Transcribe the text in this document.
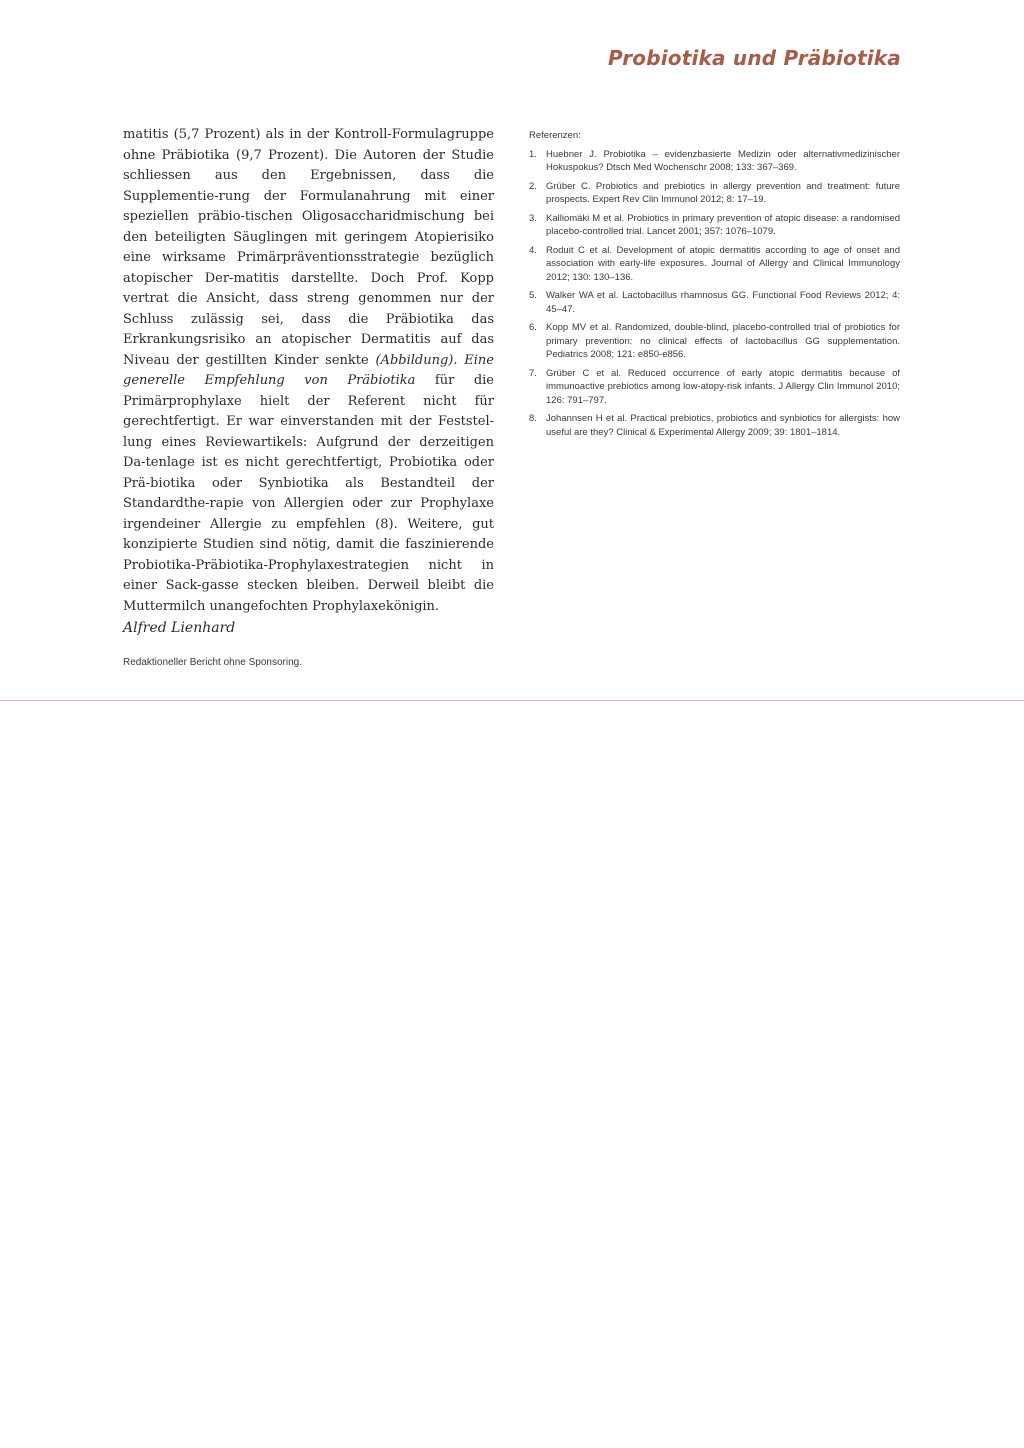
Probiotika und Präbiotika

matitis (5,7 Prozent) als in der Kontroll-Formulagruppe ohne Präbiotika (9,7 Prozent). Die Autoren der Studie schliessen aus den Ergebnissen, dass die Supplementie-rung der Formulanahrung mit einer speziellen präbio-tischen Oligosaccharidmischung bei den beteiligten Säuglingen mit geringem Atopierisiko eine wirksame Primärpräventionsstrategie bezüglich atopischer Der-matitis darstellte. Doch Prof. Kopp vertrat die Ansicht, dass streng genommen nur der Schluss zulässig sei, dass die Präbiotika das Erkrankungsrisiko an atopischer Dermatitis auf das Niveau der gestillten Kinder senkte (Abbildung). Eine generelle Empfehlung von Präbiotika für die Primärprophylaxe hielt der Referent nicht für gerechtfertigt. Er war einverstanden mit der Feststel-lung eines Reviewartikels: Aufgrund der derzeitigen Da-tenlage ist es nicht gerechtfertigt, Probiotika oder Prä-biotika oder Synbiotika als Bestandteil der Standardthe-rapie von Allergien oder zur Prophylaxe irgendeiner Allergie zu empfehlen (8). Weitere, gut konzipierte Studien sind nötig, damit die faszinierende Probiotika-Präbiotika-Prophylaxestrategien nicht in einer Sack-gasse stecken bleiben. Derweil bleibt die Muttermilch unangefochten Prophylaxekönigin.

Alfred Lienhard
Redaktioneller Bericht ohne Sponsoring.

Referenzen:

1. Huebner J. Probiotika – evidenzbasierte Medizin oder alternativmedizinischer Hokuspokus? Dtsch Med Wochenschr 2008; 133: 367–369.
2. Grüber C. Probiotics and prebiotics in allergy prevention and treatment: future prospects. Expert Rev Clin Immunol 2012; 8: 17–19.
3. Kalliomäki M et al. Probiotics in primary prevention of atopic disease: a randomised placebo-controlled trial. Lancet 2001; 357: 1076–1079.
4. Roduit C et al. Development of atopic dermatitis according to age of onset and association with early-life exposures. Journal of Allergy and Clinical Immunology 2012; 130: 130–136.
5. Walker WA et al. Lactobacillus rhamnosus GG. Functional Food Reviews 2012; 4: 45–47.
6. Kopp MV et al. Randomized, double-blind, placebo-controlled trial of probiotics for primary prevention: no clinical effects of lactobacillus GG supplementation. Pediatrics 2008; 121: e850-e856.
7. Grüber C et al. Reduced occurrence of early atopic dermatitis because of immunoactive prebiotics among low-atopy-risk infants. J Allergy Clin Immunol 2010; 126: 791–797.
8. Johannsen H et al. Practical prebiotics, probiotics and synbiotics for allergists: how useful are they? Clinical & Experimental Allergy 2009; 39: 1801–1814.
